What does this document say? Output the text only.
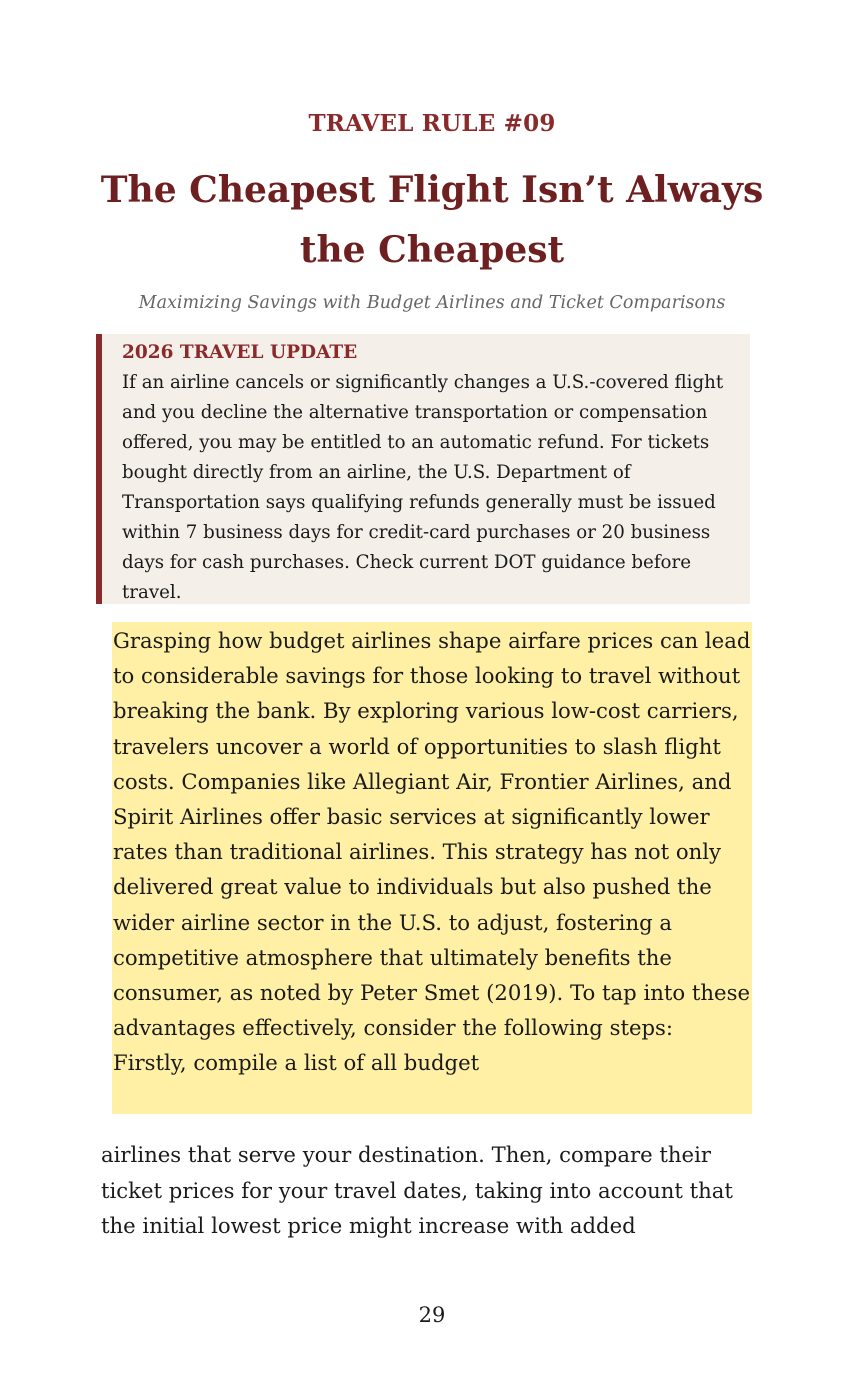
TRAVEL RULE #09
The Cheapest Flight Isn’t Always the Cheapest
Maximizing Savings with Budget Airlines and Ticket Comparisons
2026 TRAVEL UPDATE
If an airline cancels or significantly changes a U.S.-covered flight and you decline the alternative transportation or compensation offered, you may be entitled to an automatic refund. For tickets bought directly from an airline, the U.S. Department of Transportation says qualifying refunds generally must be issued within 7 business days for credit-card purchases or 20 business days for cash purchases. Check current DOT guidance before travel.
Grasping how budget airlines shape airfare prices can lead to considerable savings for those looking to travel without breaking the bank. By exploring various low-cost carriers, travelers uncover a world of opportunities to slash flight costs. Companies like Allegiant Air, Frontier Airlines, and Spirit Airlines offer basic services at significantly lower rates than traditional airlines. This strategy has not only delivered great value to individuals but also pushed the wider airline sector in the U.S. to adjust, fostering a competitive atmosphere that ultimately benefits the consumer, as noted by Peter Smet (2019). To tap into these advantages effectively, consider the following steps: Firstly, compile a list of all budget
airlines that serve your destination. Then, compare their ticket prices for your travel dates, taking into account that the initial lowest price might increase with added
29
